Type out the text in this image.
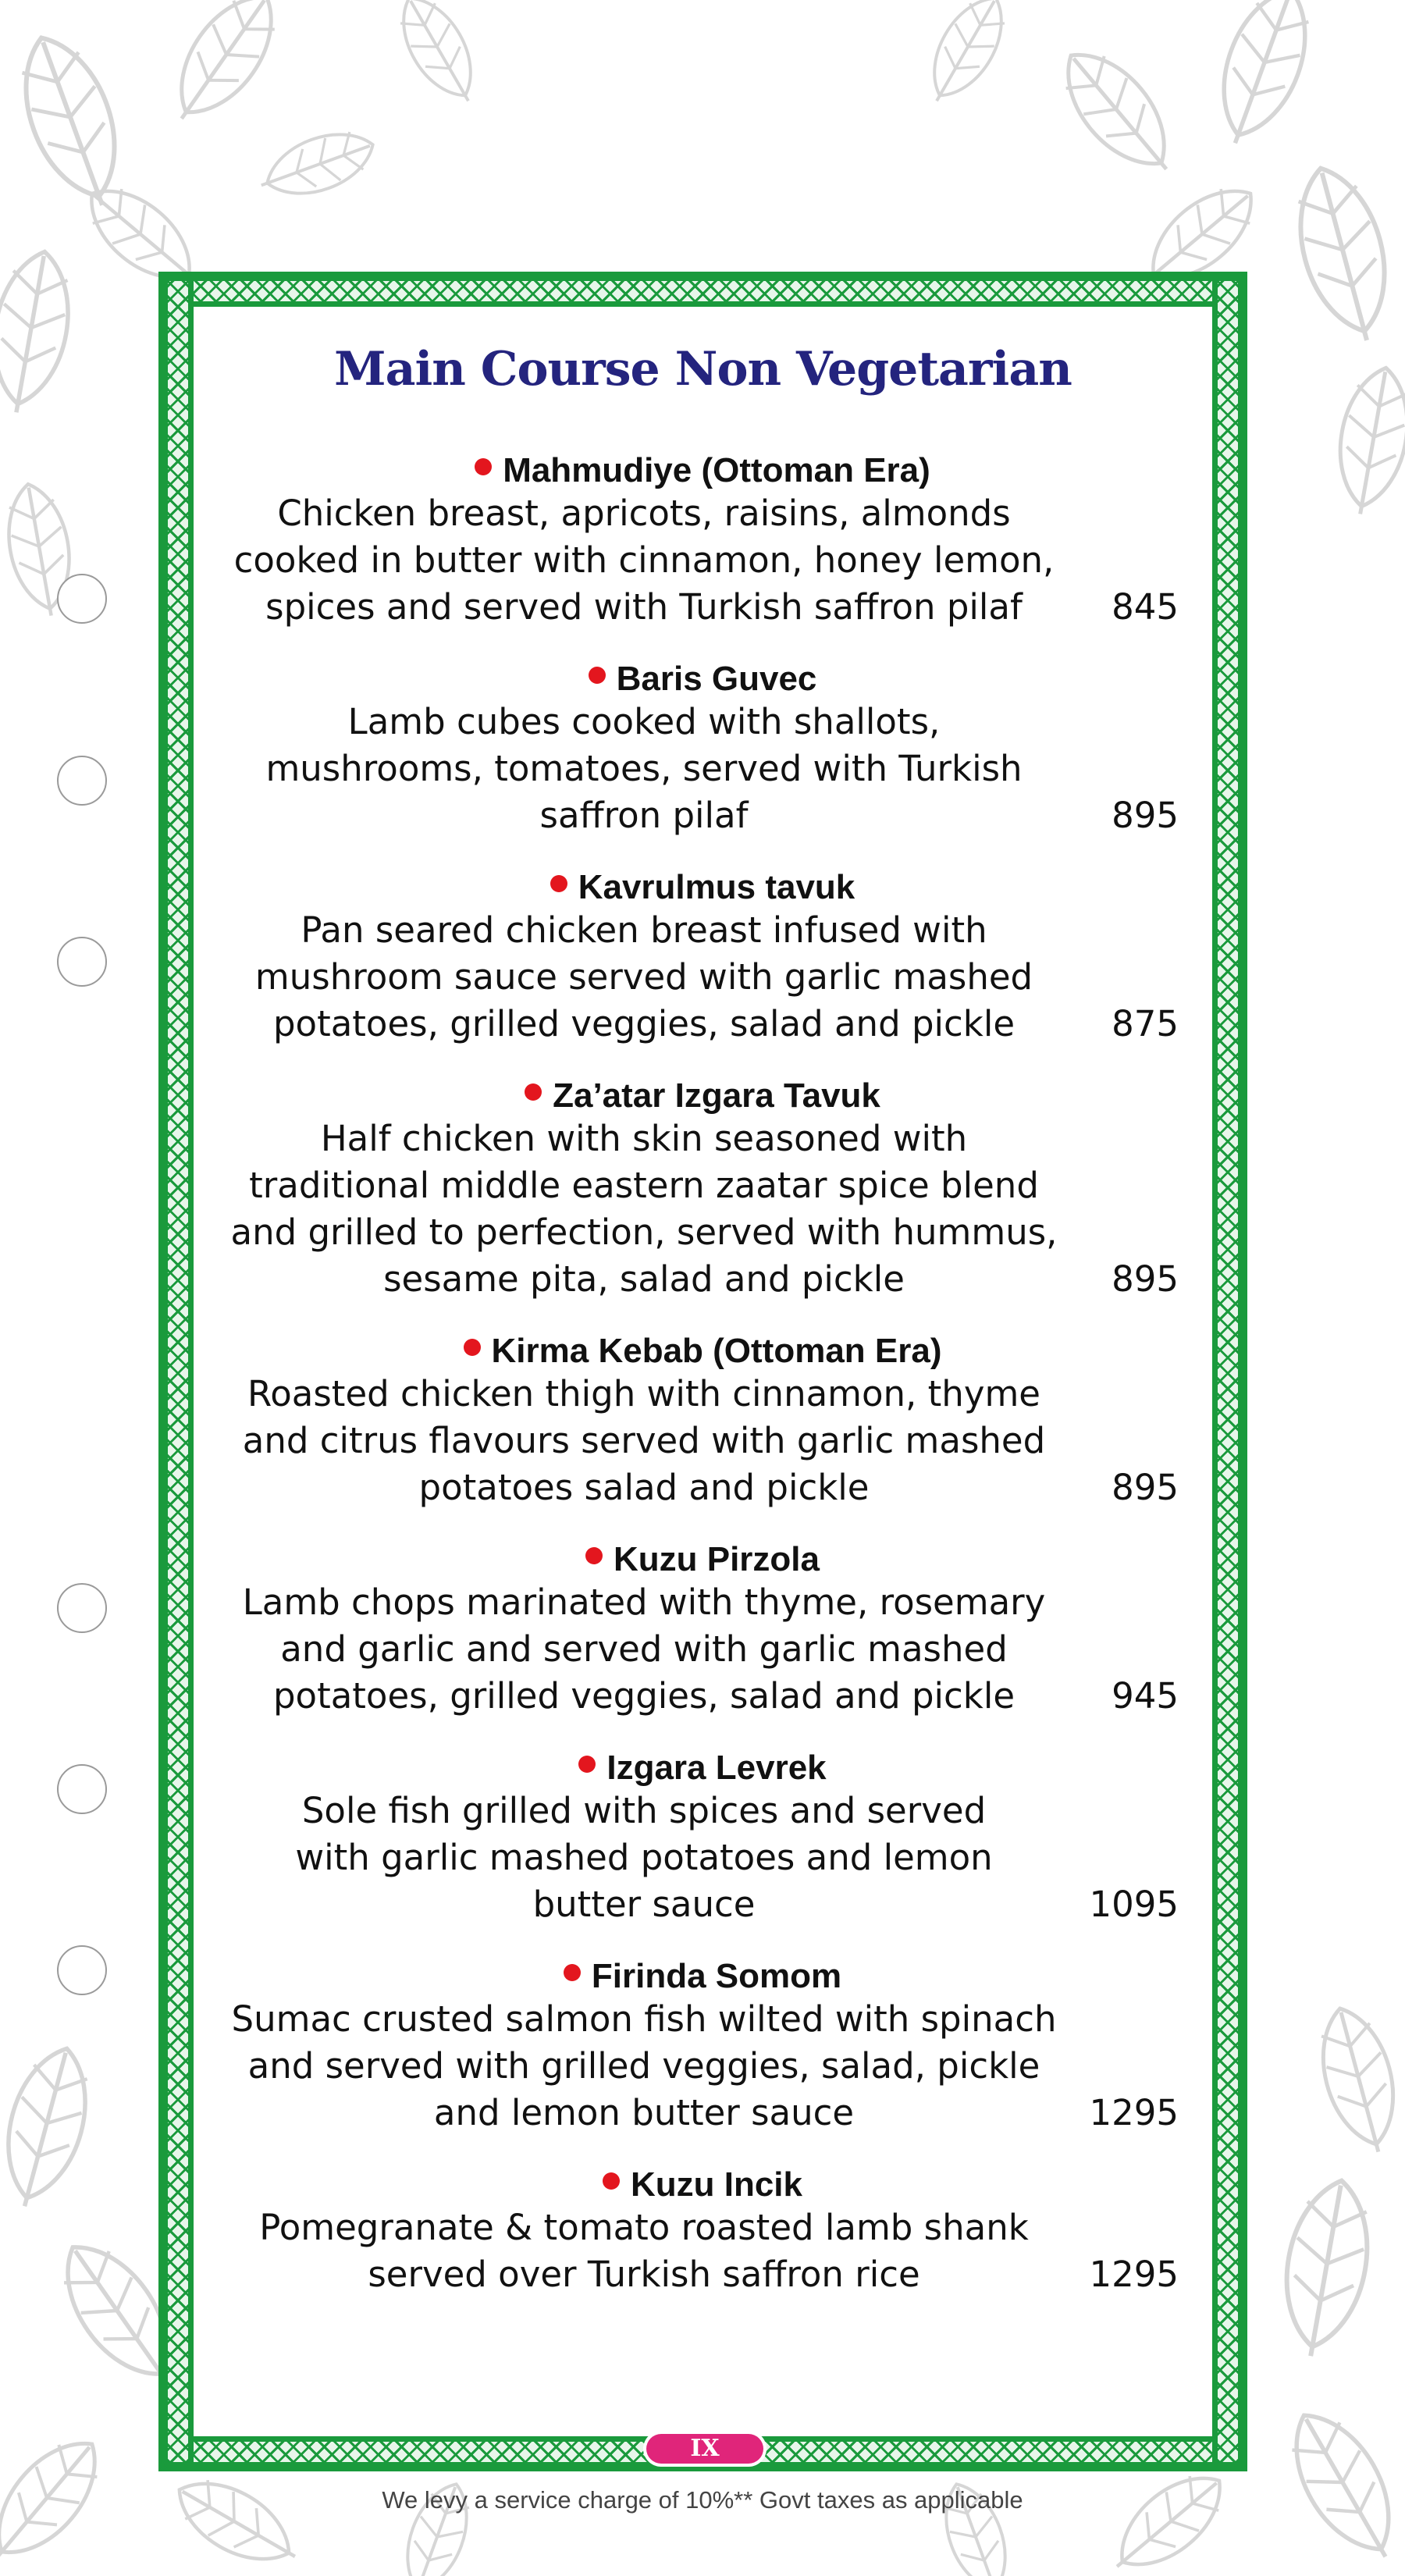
Main Course Non Vegetarian
Mahmudiye (Ottoman Era)
Chicken breast, apricots, raisins, almonds
cooked in butter with cinnamon, honey lemon,
spices and served with Turkish saffron pilaf	845
Baris Guvec
Lamb cubes cooked with shallots,
mushrooms, tomatoes, served with Turkish
saffron pilaf	895
Kavrulmus tavuk
Pan seared chicken breast infused with
mushroom sauce served with garlic mashed
potatoes, grilled veggies, salad and pickle	875
Za’atar Izgara Tavuk
Half chicken with skin seasoned with
traditional middle eastern zaatar spice blend
and grilled to perfection, served with hummus,
sesame pita, salad and pickle	895
Kirma Kebab (Ottoman Era)
Roasted chicken thigh with cinnamon, thyme
and citrus flavours served with garlic mashed
potatoes salad and pickle	895
Kuzu Pirzola
Lamb chops marinated with thyme, rosemary
and garlic and served with garlic mashed
potatoes, grilled veggies, salad and pickle	945
Izgara Levrek
Sole fish grilled with spices and served
with garlic mashed potatoes and lemon
butter sauce	1095
Firinda Somom
Sumac crusted salmon fish wilted with spinach
and served with grilled veggies, salad, pickle
and lemon butter sauce	1295
Kuzu Incik
Pomegranate & tomato roasted lamb shank
served over Turkish saffron rice	1295
IX
We levy a service charge of 10%** Govt taxes as applicable
